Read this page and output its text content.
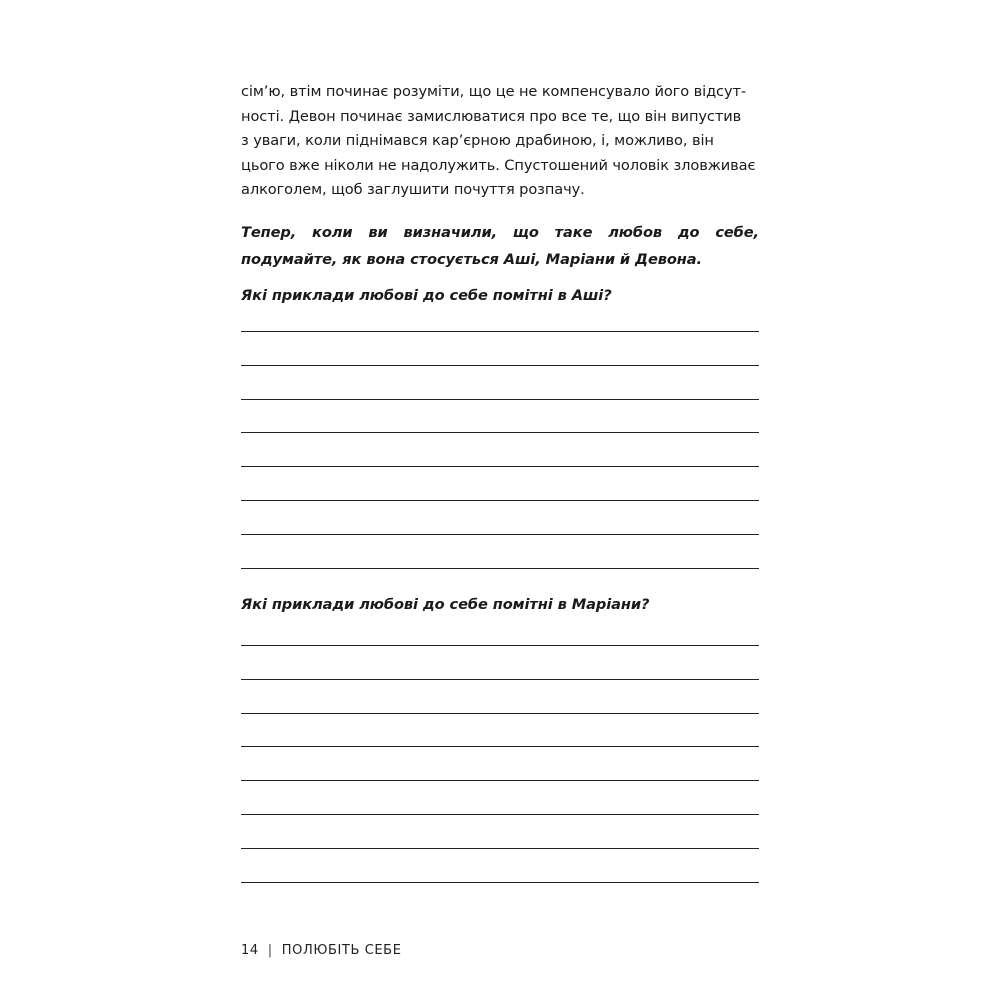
сім’ю, втім починає розуміти, що це не компенсувало його відсут-
ності. Девон починає замислюватися про все те, що він випустив
з уваги, коли піднімався кар’єрною драбиною, і, можливо, він
цього вже ніколи не надолужить. Спустошений чоловік зловживає
алкоголем, щоб заглушити почуття розпачу.
Тепер, коли ви визначили, що таке любов до себе, подумайте, як вона стосується Аші, Маріани й Девона.
Які приклади любові до себе помітні в Аші?
Які приклади любові до себе помітні в Маріани?
14 | ПОЛЮБІТЬ СЕБЕ
